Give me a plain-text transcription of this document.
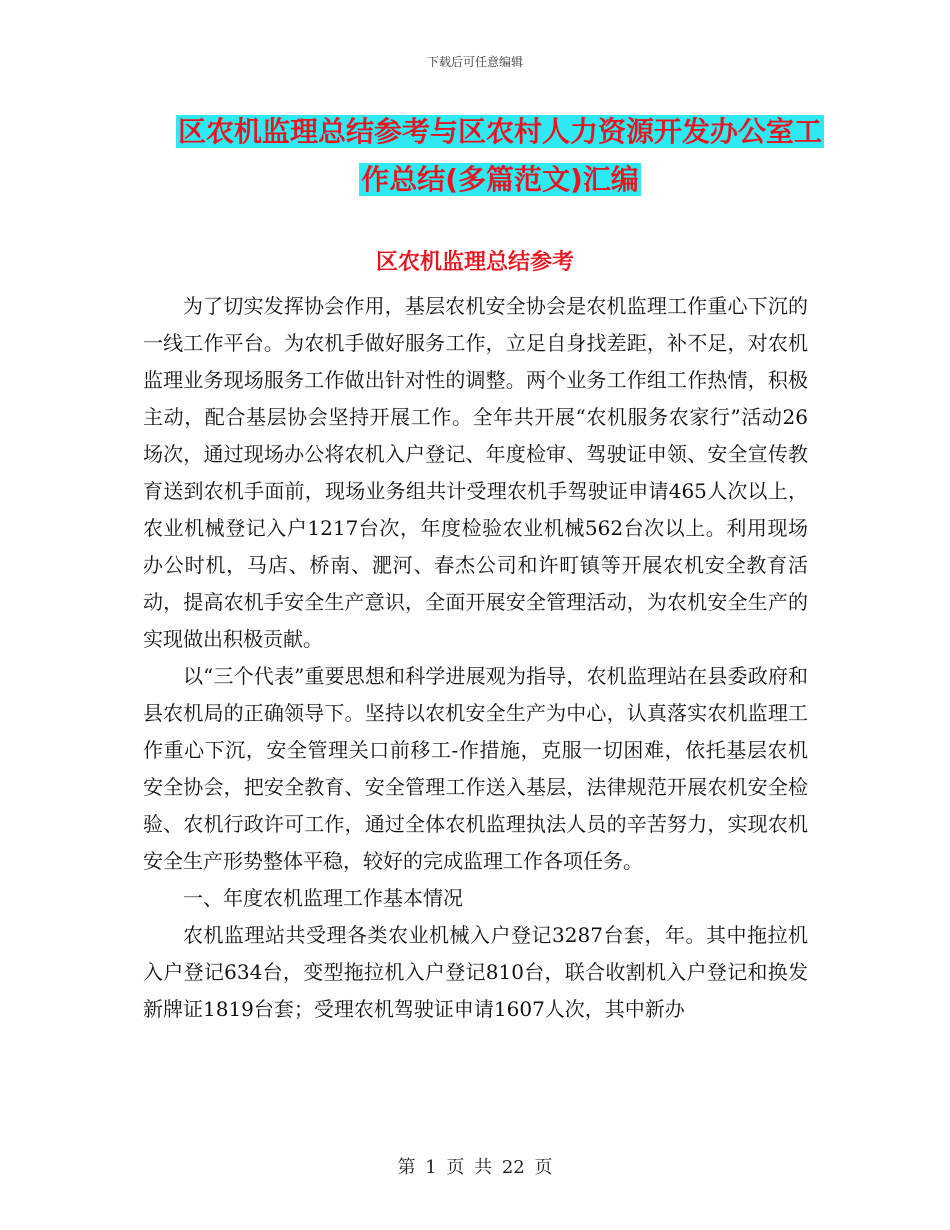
下载后可任意编辑
区农机监理总结参考与区农村人力资源开发办公室工
作总结(多篇范文)汇编
区农机监理总结参考

为了切实发挥协会作用，基层农机安全协会是农机监理工作重心下沉的一线工作平台。为农机手做好服务工作，立足自身找差距，补不足，对农机监理业务现场服务工作做出针对性的调整。两个业务工作组工作热情，积极主动，配合基层协会坚持开展工作。全年共开展“农机服务农家行”活动26场次，通过现场办公将农机入户登记、年度检审、驾驶证申领、安全宣传教育送到农机手面前，现场业务组共计受理农机手驾驶证申请465人次以上，农业机械登记入户1217台次，年度检验农业机械562台次以上。利用现场办公时机，马店、桥南、淝河、春杰公司和许町镇等开展农机安全教育活动，提高农机手安全生产意识，全面开展安全管理活动，为农机安全生产的实现做出积极贡献。

以“三个代表”重要思想和科学进展观为指导，农机监理站在县委政府和县农机局的正确领导下。坚持以农机安全生产为中心，认真落实农机监理工作重心下沉，安全管理关口前移工-作措施，克服一切困难，依托基层农机安全协会，把安全教育、安全管理工作送入基层，法律规范开展农机安全检验、农机行政许可工作，通过全体农机监理执法人员的辛苦努力，实现农机安全生产形势整体平稳，较好的完成监理工作各项任务。

一、年度农机监理工作基本情况

农机监理站共受理各类农业机械入户登记3287台套，年。其中拖拉机入户登记634台，变型拖拉机入户登记810台，联合收割机入户登记和换发新牌证1819台套；受理农机驾驶证申请1607人次，其中新办

第 1 页 共 22 页
